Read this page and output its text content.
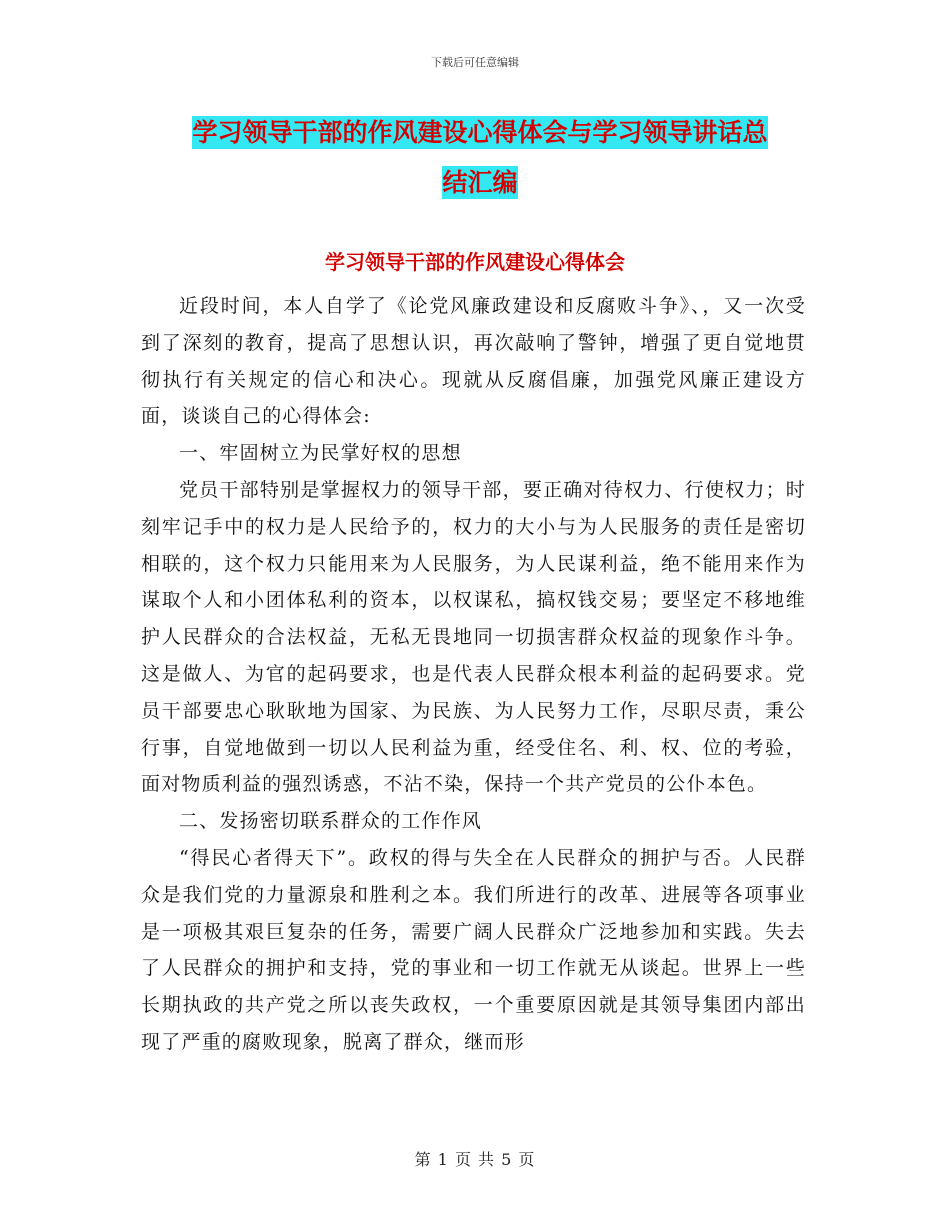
下载后可任意编辑
学习领导干部的作风建设心得体会与学习领导讲话总
结汇编
学习领导干部的作风建设心得体会

近段时间，本人自学了《论党风廉政建设和反腐败斗争》、，又一次受到了深刻的教育，提高了思想认识，再次敲响了警钟，增强了更自觉地贯彻执行有关规定的信心和决心。现就从反腐倡廉，加强党风廉正建设方面，谈谈自己的心得体会:

一、牢固树立为民掌好权的思想

党员干部特别是掌握权力的领导干部，要正确对待权力、行使权力；时刻牢记手中的权力是人民给予的，权力的大小与为人民服务的责任是密切相联的，这个权力只能用来为人民服务，为人民谋利益，绝不能用来作为谋取个人和小团体私利的资本，以权谋私，搞权钱交易；要坚定不移地维护人民群众的合法权益，无私无畏地同一切损害群众权益的现象作斗争。这是做人、为官的起码要求，也是代表人民群众根本利益的起码要求。党员干部要忠心耿耿地为国家、为民族、为人民努力工作，尽职尽责，秉公行事，自觉地做到一切以人民利益为重，经受住名、利、权、位的考验，面对物质利益的强烈诱惑，不沾不染，保持一个共产党员的公仆本色。

二、发扬密切联系群众的工作作风

“得民心者得天下”。政权的得与失全在人民群众的拥护与否。人民群众是我们党的力量源泉和胜利之本。我们所进行的改革、进展等各项事业是一项极其艰巨复杂的任务，需要广阔人民群众广泛地参加和实践。失去了人民群众的拥护和支持，党的事业和一切工作就无从谈起。世界上一些长期执政的共产党之所以丧失政权，一个重要原因就是其领导集团内部出现了严重的腐败现象，脱离了群众，继而形

第 1 页 共 5 页
